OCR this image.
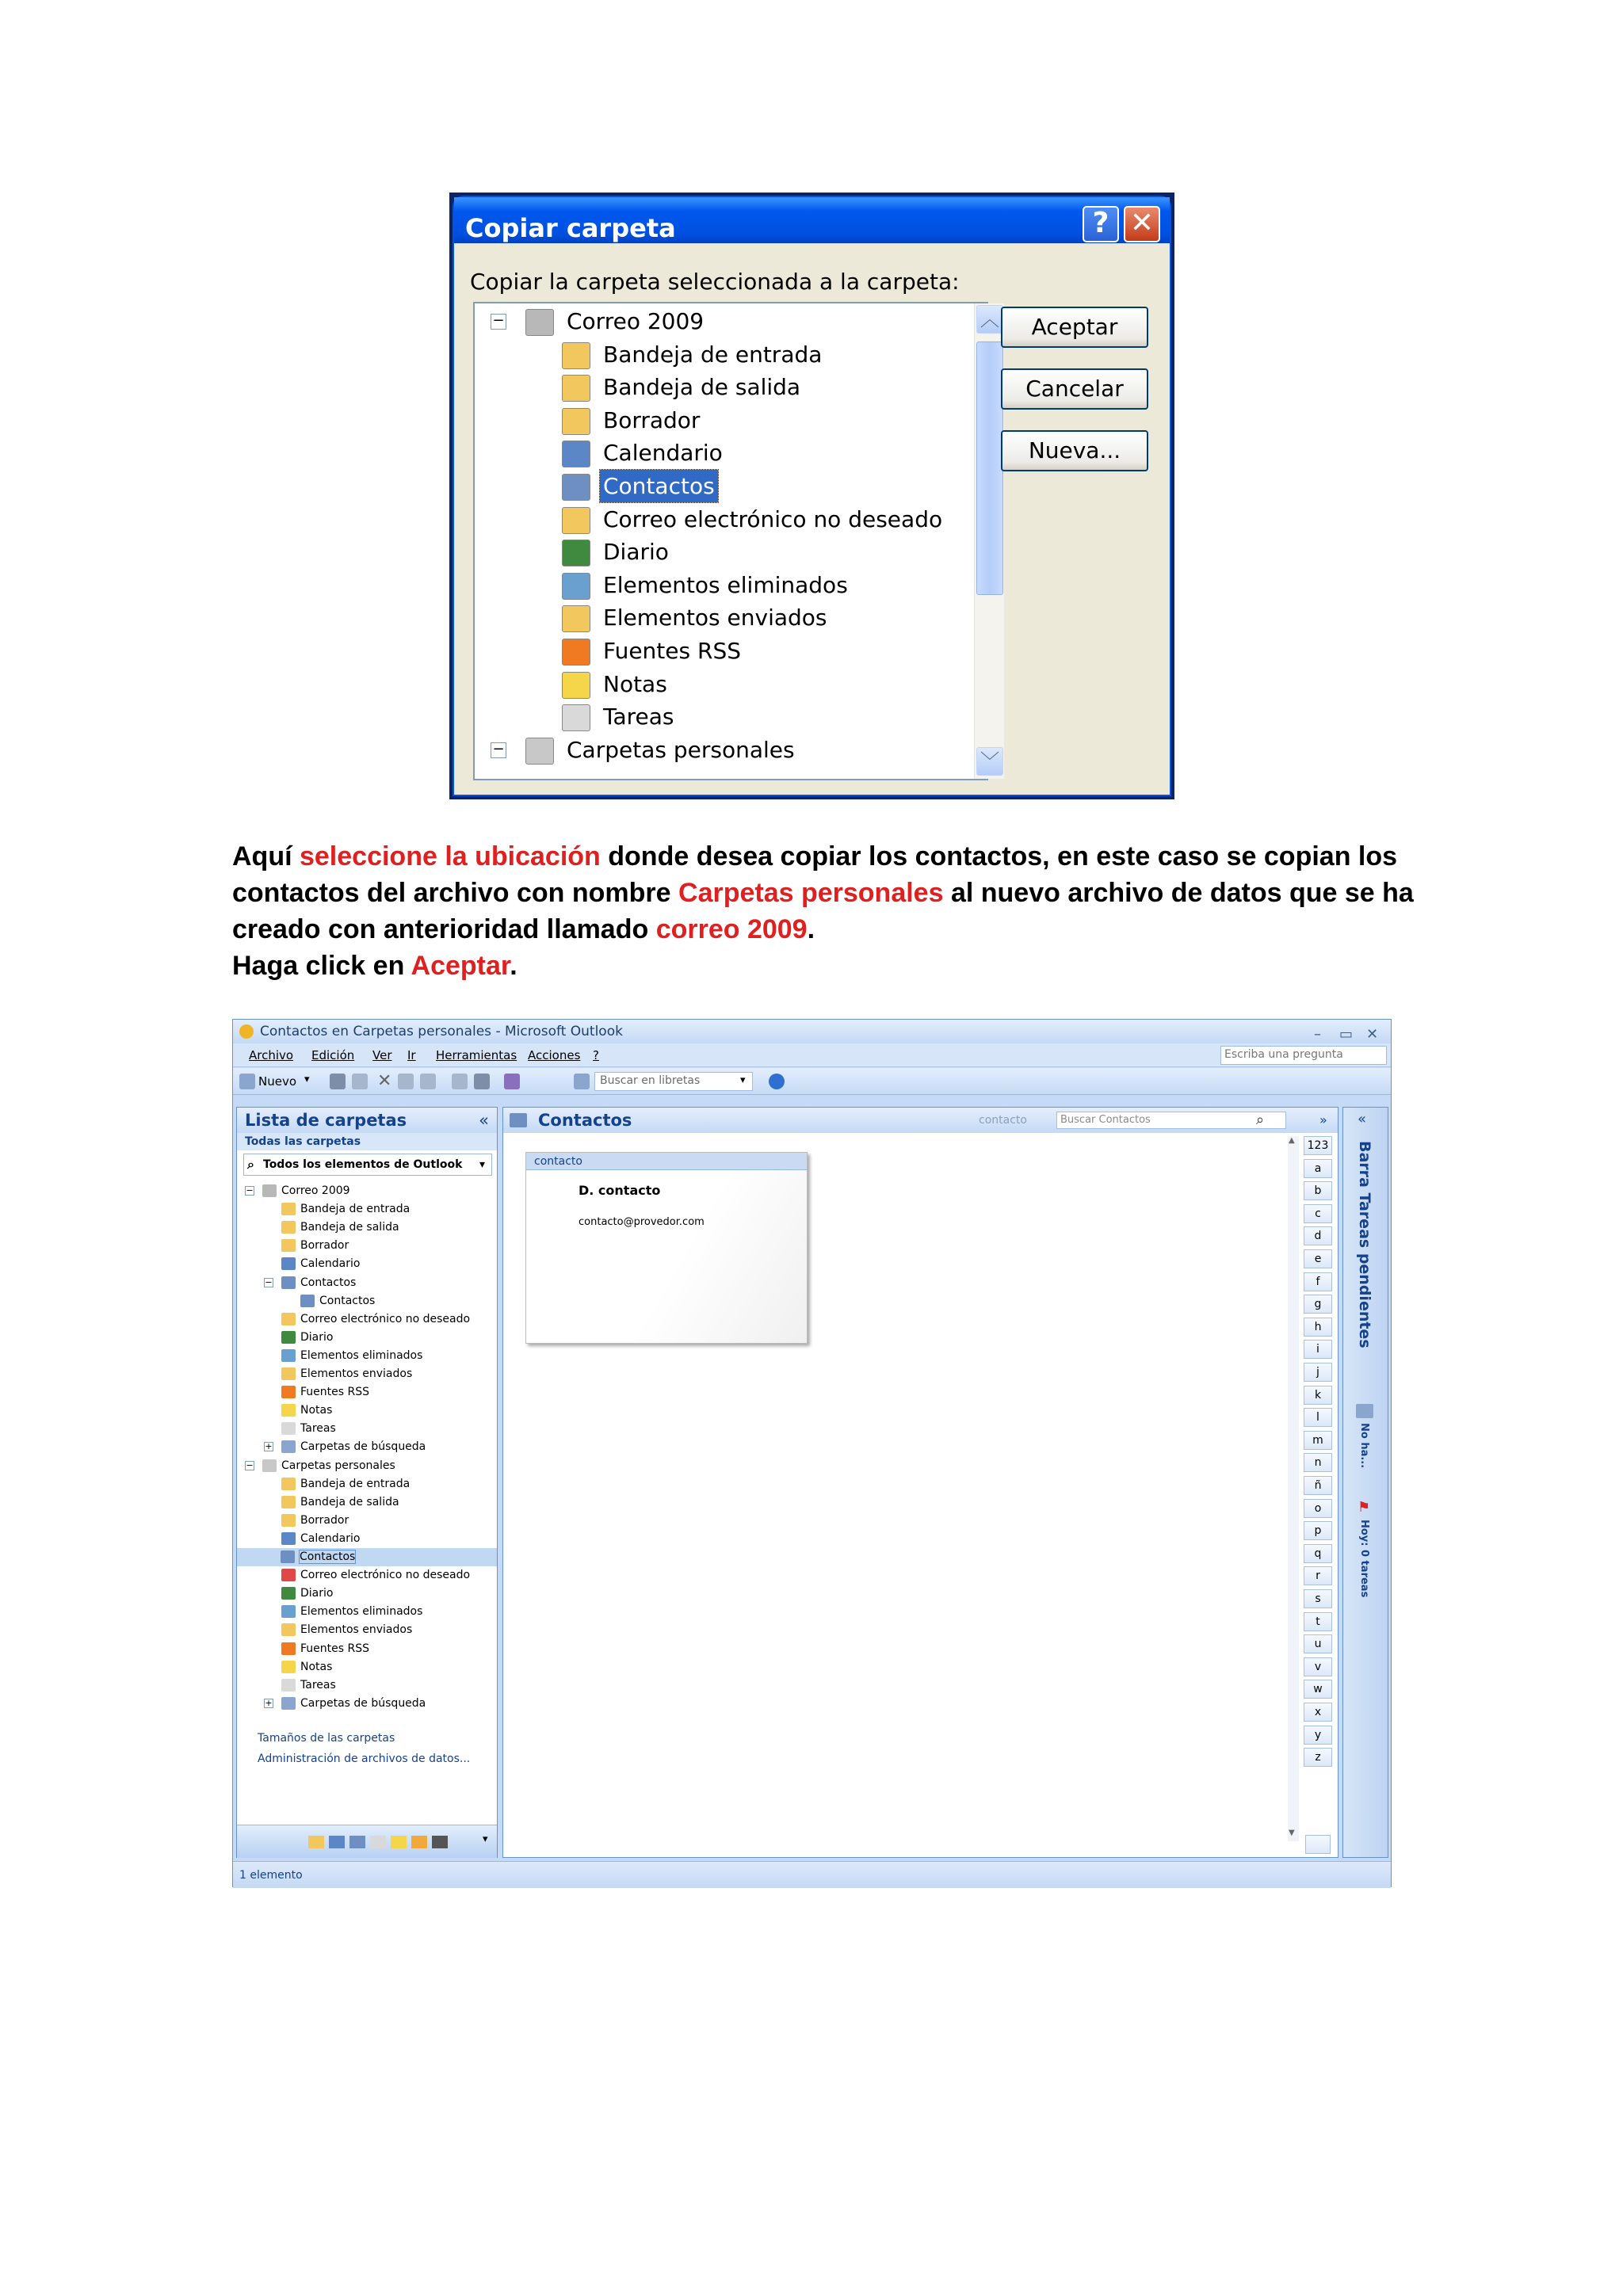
Copiar carpeta	? ✕
Copiar la carpeta seleccionada a la carpeta:
Carpetas personales
Tareas
Notas
Fuentes RSS
Elementos enviados
Elementos eliminados
Diario
Correo electrónico no deseado
Contactos
Calendario
Borrador
Bandeja de salida
Bandeja de entrada
Correo 2009	︿
﹀
−
−
Aceptar
Cancelar
Nueva...
Aquí seleccione la ubicación donde desea copiar los contactos, en este caso se copian los
contactos del archivo con nombre Carpetas personales al nuevo archivo de datos que se ha
creado con anterioridad llamado correo 2009.
Haga click en Aceptar.
Contactos en Carpetas personales - Microsoft Outlook	– ▭ ✕
Escriba una pregunta
Archivo Edición Ver Ir Herramientas Acciones ?
Nuevo ▾	✕	Buscar en libretas	▾
Lista de carpetas	«
Todas las carpetas
⌕ Todos los elementos de Outlook ▾
Tamaños de las carpetas
Administración de archivos de datos...
▾
−	Correo 2009
Bandeja de entrada
Bandeja de salida
Borrador
Calendario
−	Contactos
Contactos
Correo electrónico no deseado
Diario
Elementos eliminados
Elementos enviados
Fuentes RSS
Notas
Tareas
+	Carpetas de búsqueda
−	Carpetas personales
Bandeja de entrada
Bandeja de salida
Borrador
Calendario
Contactos
Correo electrónico no deseado
Diario
Elementos eliminados
Elementos enviados
Fuentes RSS
Notas
Tareas
+	Carpetas de búsqueda
Contactos	contacto	Buscar Contactos	⌕	»
contacto
D. contacto
contacto@provedor.com
▲
▼
123
a
b
c
d
e
f
g
h
i
j
k
l
m
n
ñ
o
p
q
r
s
t
u
v
w
x
y
z
«
Barra Tareas pendientes
No ha...
⚑
Hoy: 0 tareas
1 elemento
